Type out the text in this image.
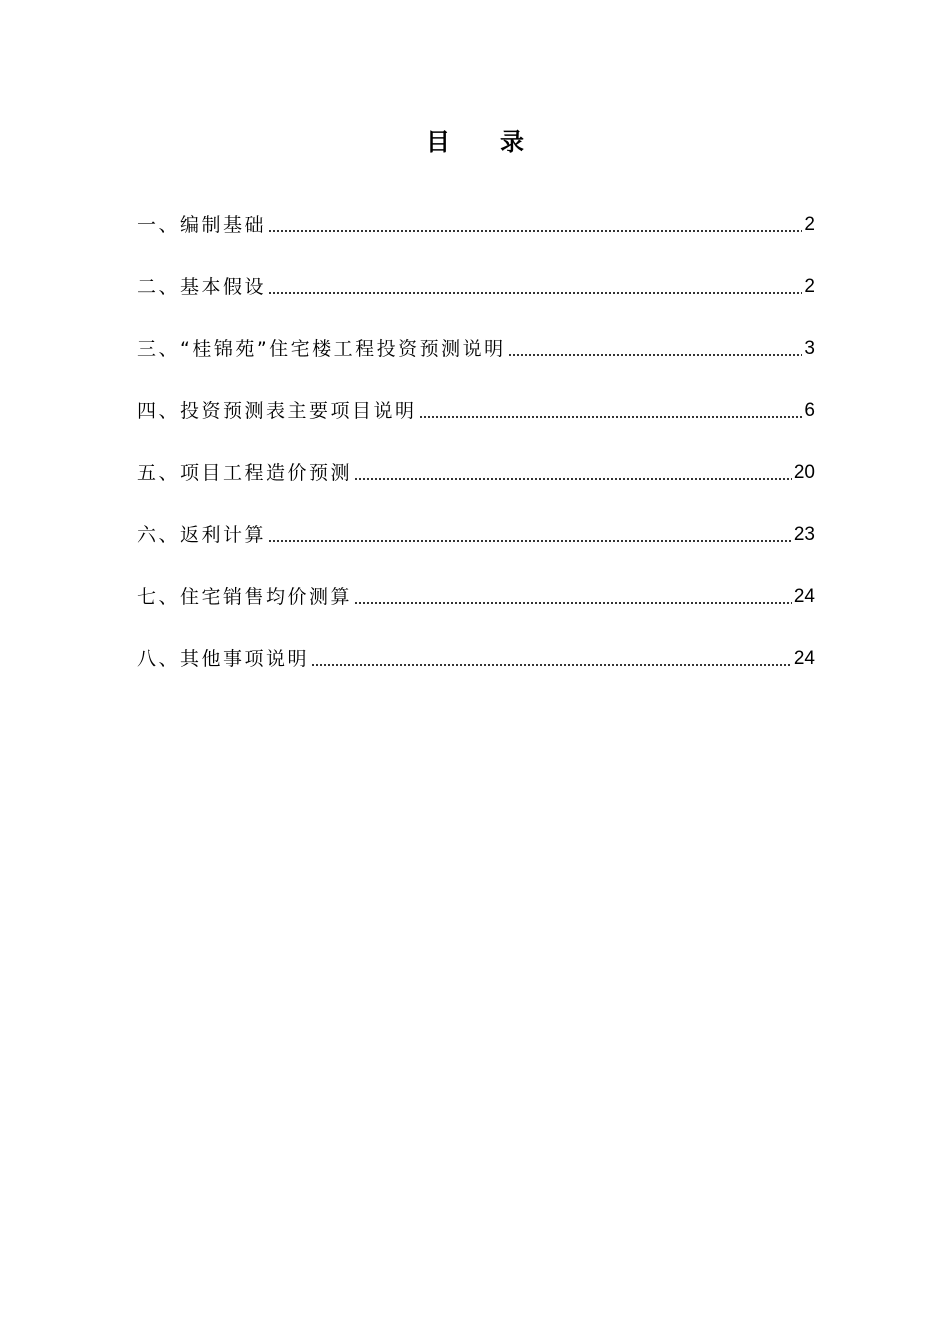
目录
一、编制基础	2
二、基本假设	2
三、“桂锦苑”住宅楼工程投资预测说明	3
四、投资预测表主要项目说明	6
五、项目工程造价预测	20
六、返利计算	23
七、住宅销售均价测算	24
八、其他事项说明	24
